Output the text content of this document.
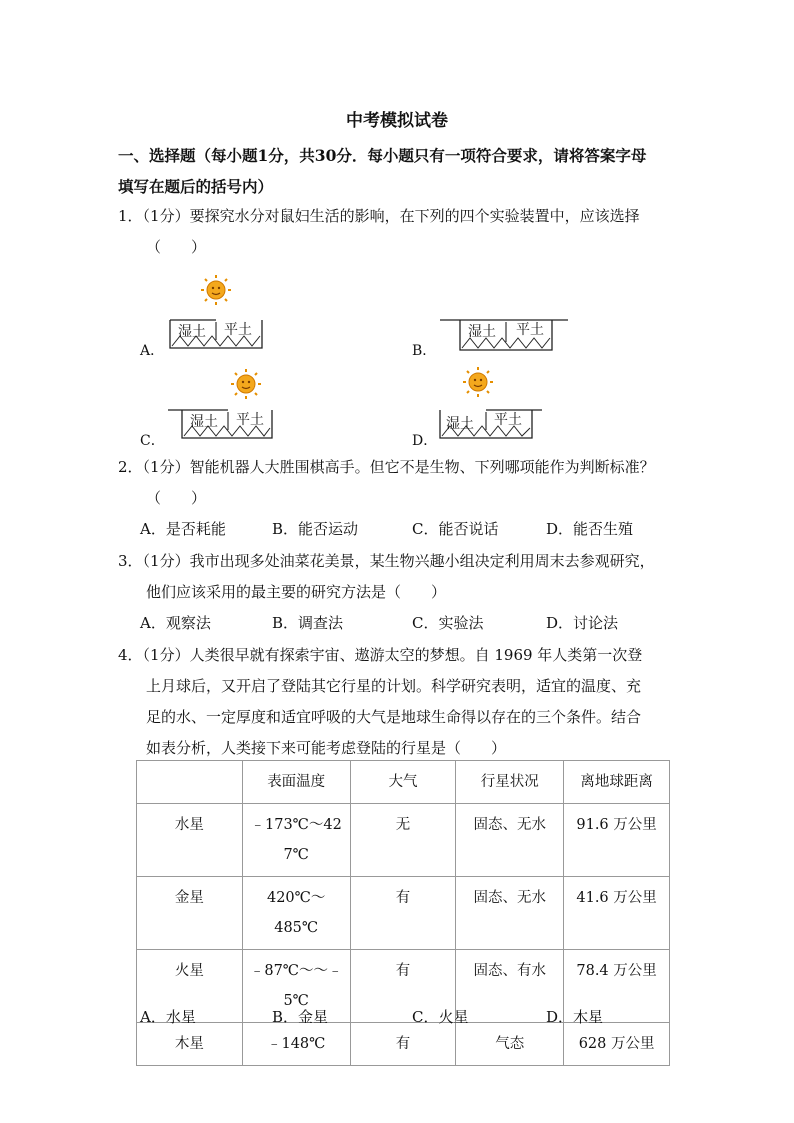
中考模拟试卷
一、选择题（每小题1分，共30分．每小题只有一项符合要求，请将答案字母
填写在题后的括号内）
1．（1分）要探究水分对鼠妇生活的影响，在下列的四个实验装置中，应该选择
（　　）
A．
湿土 平土
B．
湿土 平土
C．
湿土 平土
D．
湿土 平土
2．（1分）智能机器人大胜围棋高手。但它不是生物、下列哪项能作为判断标准？
（　　）
A．是否耗能	B．能否运动	C．能否说话	D．能否生殖
3．（1分）我市出现多处油菜花美景，某生物兴趣小组决定利用周末去参观研究，
他们应该采用的最主要的研究方法是（　　）
A．观察法	B．调查法	C．实验法	D．讨论法
4．（1分）人类很早就有探索宇宙、遨游太空的梦想。自 1969 年人类第一次登
上月球后，又开启了登陆其它行星的计划。科学研究表明，适宜的温度、充
足的水、一定厚度和适宜呼吸的大气是地球生命得以存在的三个条件。结合
如表分析，人类接下来可能考虑登陆的行星是（　　）
	表面温度	大气	行星状况	离地球距离
水星	﹣173℃～427℃	无	固态、无水	91.6 万公里
金星	420℃～485℃	有	固态、无水	41.6 万公里
火星	﹣87℃～～﹣5℃	有	固态、有水	78.4 万公里
木星	﹣148℃	有	气态	628 万公里
A．水星	B．金星	C．火星	D．木星
